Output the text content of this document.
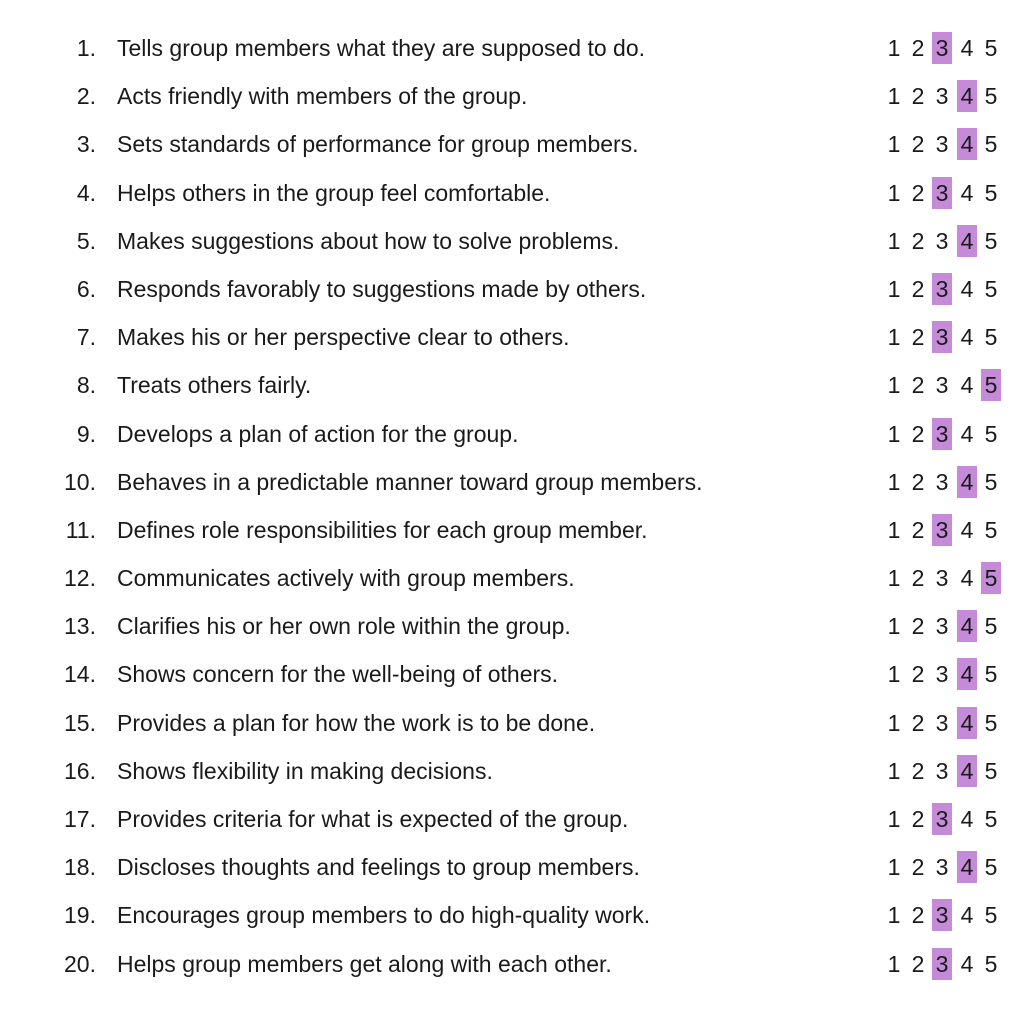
1. Tells group members what they are supposed to do.	1 2 3 4 5
2. Acts friendly with members of the group.	1 2 3 4 5
3. Sets standards of performance for group members.	1 2 3 4 5
4. Helps others in the group feel comfortable.	1 2 3 4 5
5. Makes suggestions about how to solve problems.	1 2 3 4 5
6. Responds favorably to suggestions made by others.	1 2 3 4 5
7. Makes his or her perspective clear to others.	1 2 3 4 5
8. Treats others fairly.	1 2 3 4 5
9. Develops a plan of action for the group.	1 2 3 4 5
10. Behaves in a predictable manner toward group members.	1 2 3 4 5
11. Defines role responsibilities for each group member.	1 2 3 4 5
12. Communicates actively with group members.	1 2 3 4 5
13. Clarifies his or her own role within the group.	1 2 3 4 5
14. Shows concern for the well-being of others.	1 2 3 4 5
15. Provides a plan for how the work is to be done.	1 2 3 4 5
16. Shows flexibility in making decisions.	1 2 3 4 5
17. Provides criteria for what is expected of the group.	1 2 3 4 5
18. Discloses thoughts and feelings to group members.	1 2 3 4 5
19. Encourages group members to do high-quality work.	1 2 3 4 5
20. Helps group members get along with each other.	1 2 3 4 5
